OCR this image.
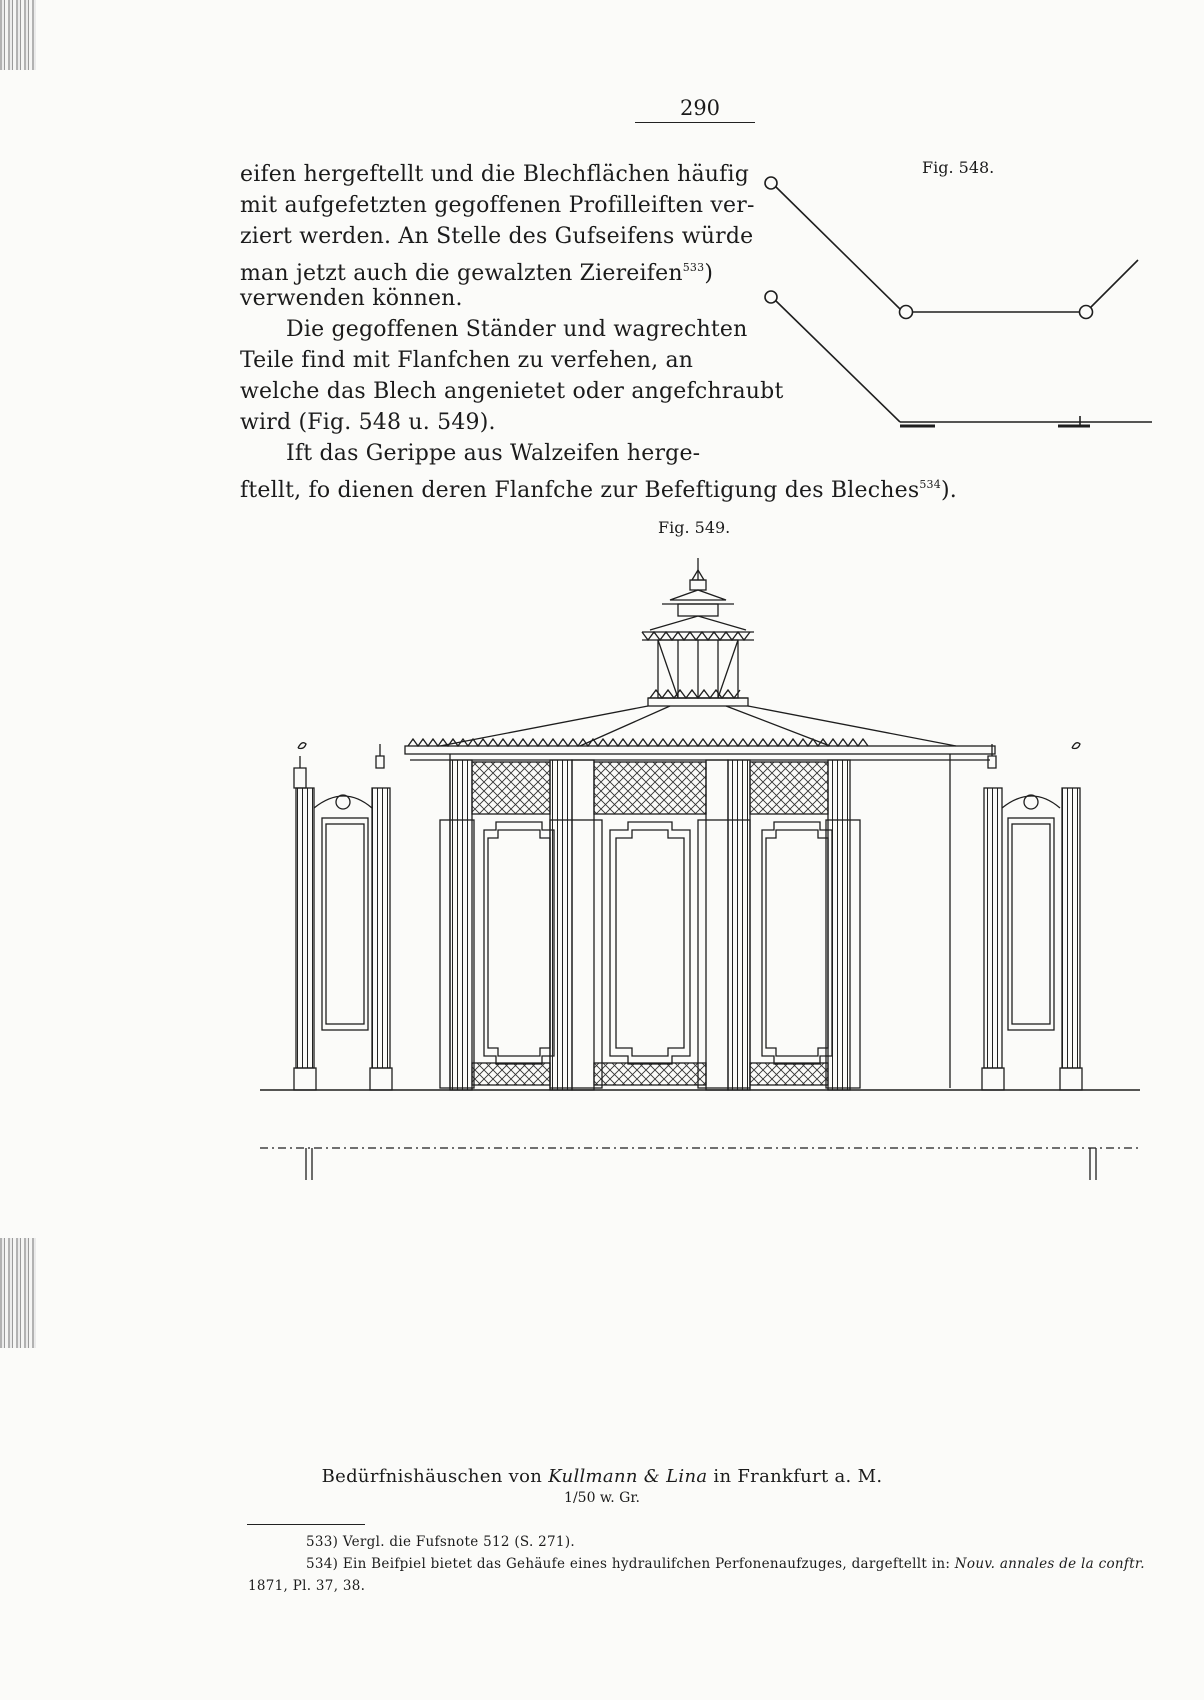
290
eifen hergeftellt und die Blechflächen häufig
mit aufgefetzten gegoffenen Profilleiften ver-
ziert werden. An Stelle des Gufseifens würde
man jetzt auch die gewalzten Ziereifen$^{533}$)
verwenden können.
Die gegoffenen Ständer und wagrechten
Teile find mit Flanfchen zu verfehen, an
welche das Blech angenietet oder angefchraubt
wird (Fig. 548 u. 549).
Ift das Gerippe aus Walzeifen herge-
ftellt, fo dienen deren Flanfche zur Befeftigung des Bleches$^{534}$).
Fig. 548.
Fig. 549.
Bedürfnishäuschen von Kullmann & Lina in Frankfurt a. M.
1/50 w. Gr.
533) Vergl. die Fufsnote 512 (S. 271).
534) Ein Beifpiel bietet das Gehäufe eines hydraulifchen Perfonenaufzuges, dargeftellt in: Nouv. annales de la conftr.
1871, Pl. 37, 38.
